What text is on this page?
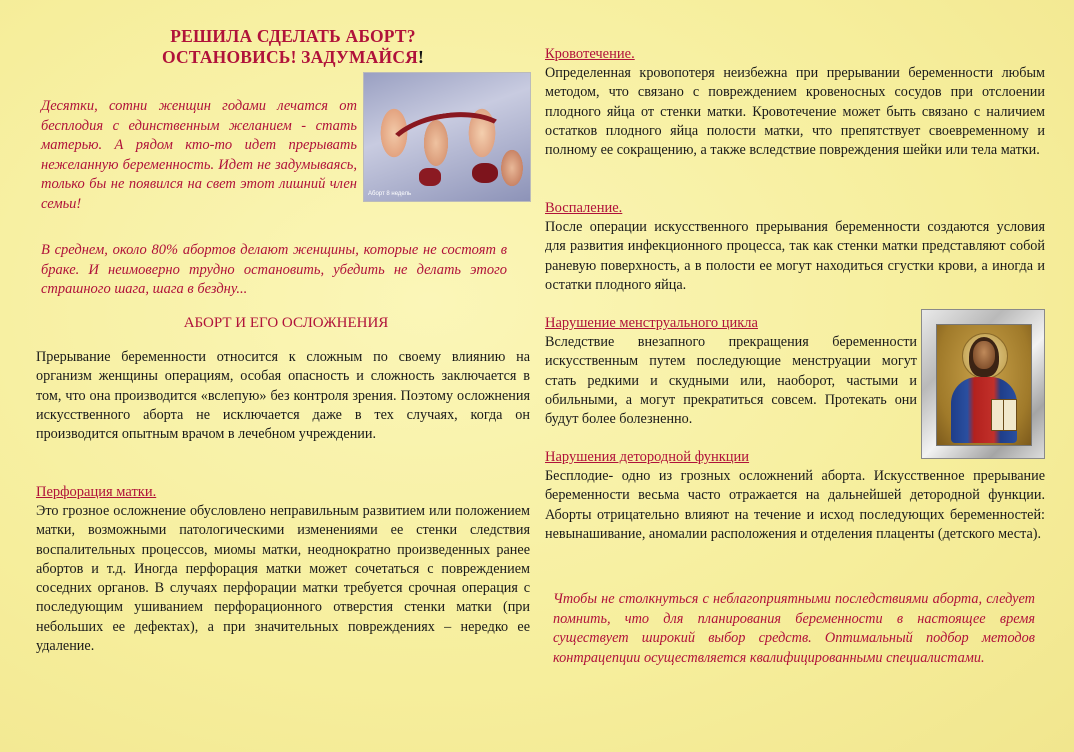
РЕШИЛА СДЕЛАТЬ АБОРТ?
ОСТАНОВИСЬ! ЗАДУМАЙСЯ!
Аборт 8 недель
Десятки, сотни женщин годами лечатся от бесплодия с единственным желанием - стать матерью. А рядом кто-то идет прерывать нежеланную беременность. Идет не задумываясь, только бы не появился на свет этот лишний член семьи!
В среднем, около 80% абортов делают женщины, которые не состоят в браке. И неимоверно трудно остановить, убедить не делать этого страшного шага, шага в бездну...
АБОРТ И ЕГО ОСЛОЖНЕНИЯ
Прерывание беременности относится к сложным по своему влиянию на организм женщины операциям, особая опасность и сложность заключается в том, что она производится «вслепую» без контроля зрения. Поэтому осложнения искусственного аборта не исключается даже в тех случаях, когда он производится опытным врачом в лечебном учреждении.
Перфорация матки.
Это грозное осложнение обусловлено неправильным развитием или положением матки, возможными патологическими изменениями ее стенки следствия воспалительных процессов, миомы матки, неоднократно произведенных ранее абортов и т.д. Иногда перфорация матки может сочетаться с повреждением соседних органов. В случаях перфорации матки требуется срочная операция с последующим ушиванием перфорационного отверстия стенки матки (при небольших ее дефектах), а при значительных повреждениях – нередко ее удаление.
Кровотечение.
Определенная кровопотеря неизбежна при прерывании беременности любым методом, что связано с повреждением кровеносных сосудов при отслоении плодного яйца от стенки матки. Кровотечение может быть связано с наличием остатков плодного яйца полости матки, что препятствует своевременному и полному ее сокращению, а также вследствие повреждения шейки или тела матки.
Воспаление.
После операции искусственного прерывания беременности создаются условия для развития инфекционного процесса, так как стенки матки представляют собой раневую поверхность, а в полости ее могут находиться сгустки крови, а иногда и остатки плодного яйца.
Нарушение менструального цикла
Вследствие внезапного прекращения беременности искусственным путем последующие менструации могут стать редкими и скудными или, наоборот, частыми и обильными, а могут прекратиться совсем. Протекать они будут более болезненно.
Нарушения детородной функции
Бесплодие- одно из грозных осложнений аборта. Искусственное прерывание беременности весьма часто отражается на дальнейшей детородной функции. Аборты отрицательно влияют на течение и исход последующих беременностей: невынашивание, аномалии расположения и отделения плаценты (детского места).
Чтобы не столкнуться с неблагоприятными последствиями аборта, следует помнить, что для планирования беременности в настоящее время существует широкий выбор средств. Оптимальный подбор методов контрацепции осуществляется квалифицированными специалистами.
